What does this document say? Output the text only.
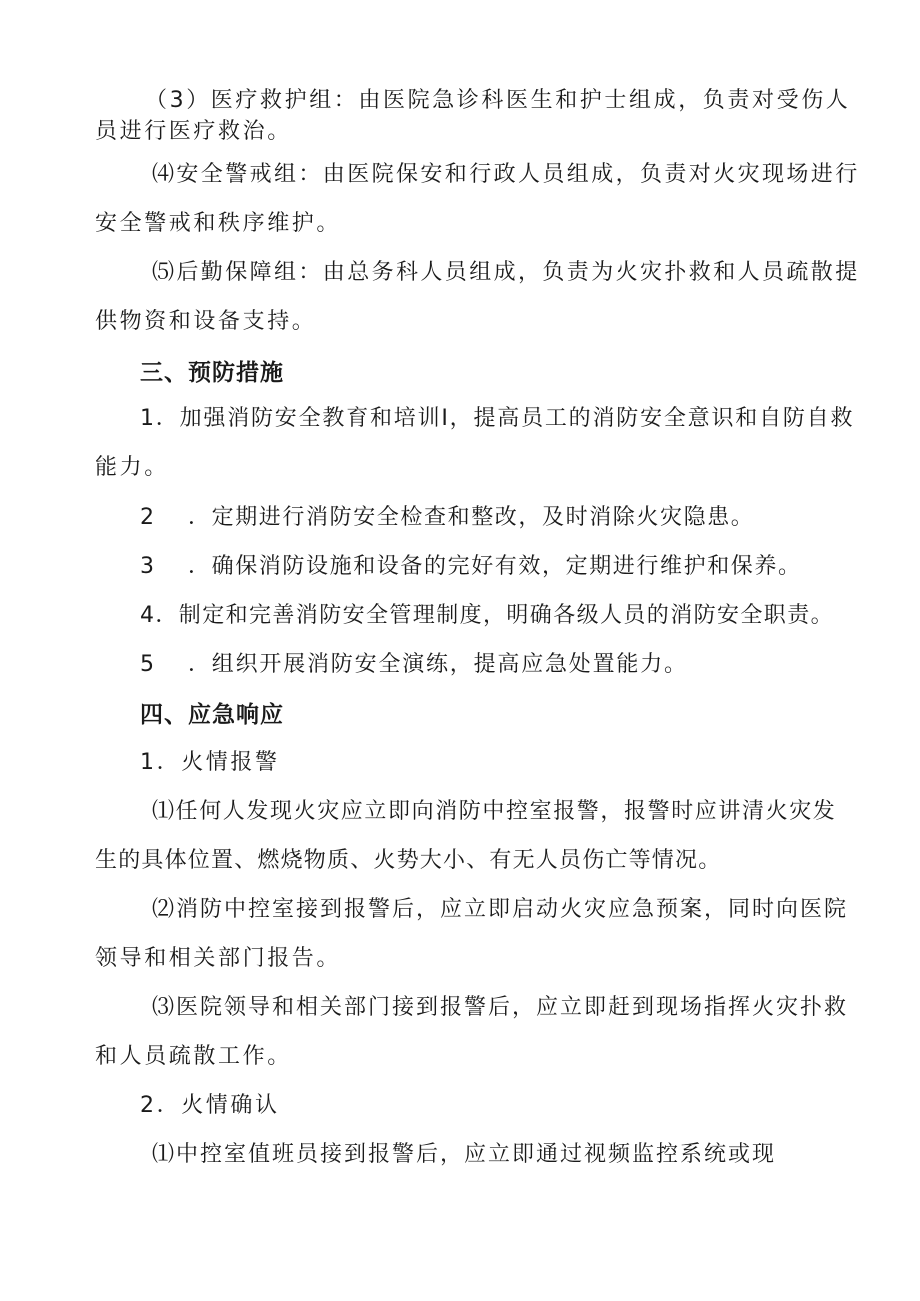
（3）医疗救护组：由医院急诊科医生和护士组成，负责对受伤人
员进行医疗救治。
⑷安全警戒组：由医院保安和行政人员组成，负责对火灾现场进行
安全警戒和秩序维护。
⑸后勤保障组：由总务科人员组成，负责为火灾扑救和人员疏散提
供物资和设备支持。
三、预防措施
1．加强消防安全教育和培训I，提高员工的消防安全意识和自防自救
能力。
2	．定期进行消防安全检查和整改，及时消除火灾隐患。
3	．确保消防设施和设备的完好有效，定期进行维护和保养。
4．制定和完善消防安全管理制度，明确各级人员的消防安全职责。
5	．组织开展消防安全演练，提高应急处置能力。
四、应急响应
1．火情报警
⑴任何人发现火灾应立即向消防中控室报警，报警时应讲清火灾发
生的具体位置、燃烧物质、火势大小、有无人员伤亡等情况。
⑵消防中控室接到报警后，应立即启动火灾应急预案，同时向医院
领导和相关部门报告。
⑶医院领导和相关部门接到报警后，应立即赶到现场指挥火灾扑救
和人员疏散工作。
2．火情确认
⑴中控室值班员接到报警后，应立即通过视频监控系统或现
